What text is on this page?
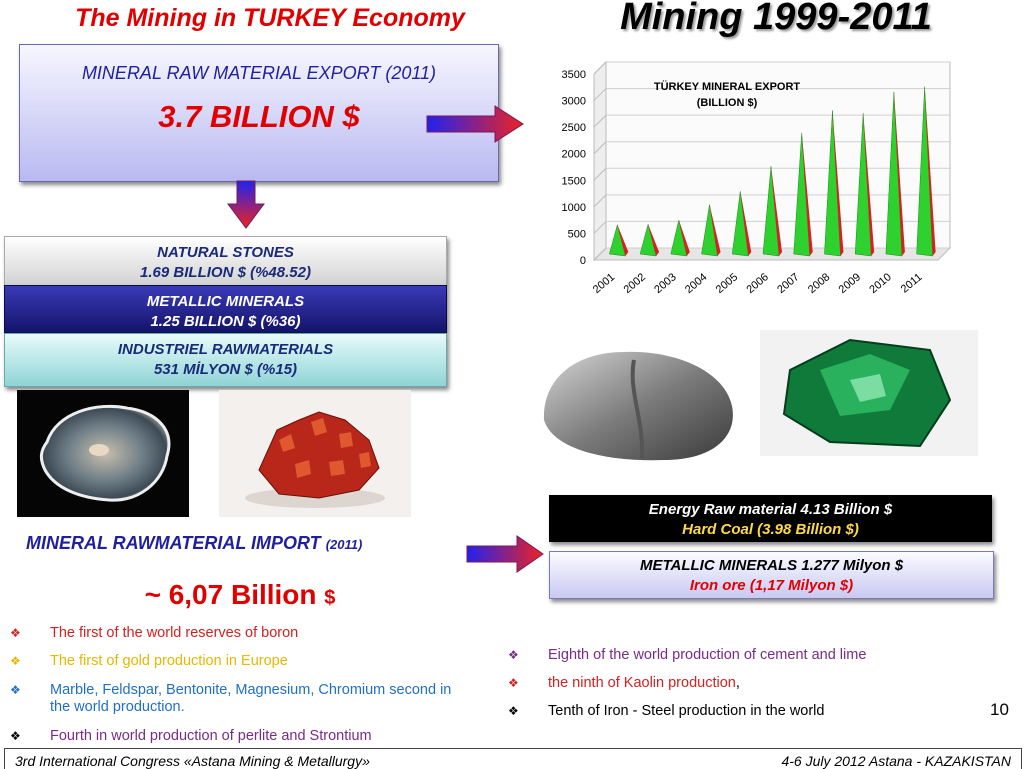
The Mining in TURKEY Economy	Mining 1999-2011
MINERAL RAW MATERIAL EXPORT (2011)
3.7 BILLION $
NATURAL STONES
1.69 BILLION $ (%48.52)
METALLIC MINERALS
1.25 BILLION $ (%36)
INDUSTRIEL RAWMATERIALS
531 MİLYON $ (%15)
0
500
1000
1500
2000
2500
3000
3500
2001 2002 2003 2004 2005 2006 2007 2008 2009 2010 2011
TÜRKEY MINERAL EXPORT
(BILLION $)
Energy Raw material 4.13 Billion $
Hard Coal (3.98 Billion $)
METALLIC MINERALS 1.277 Milyon $
Iron ore (1,17 Milyon $)
MINERAL RAWMATERIAL IMPORT (2011)
~ 6,07 Billion $
❖ The first of the world reserves of boron
❖ The first of gold production in Europe
❖ Marble, Feldspar, Bentonite, Magnesium, Chromium second in the world production.
❖ Fourth in world production of perlite and Strontium
❖ Eighth of the world production of cement and lime
❖ the ninth of Kaolin production,
❖ Tenth of Iron - Steel production in the world	10
3rd International Congress «Astana Mining & Metallurgy»	4-6 July 2012 Astana - KAZAKISTAN
